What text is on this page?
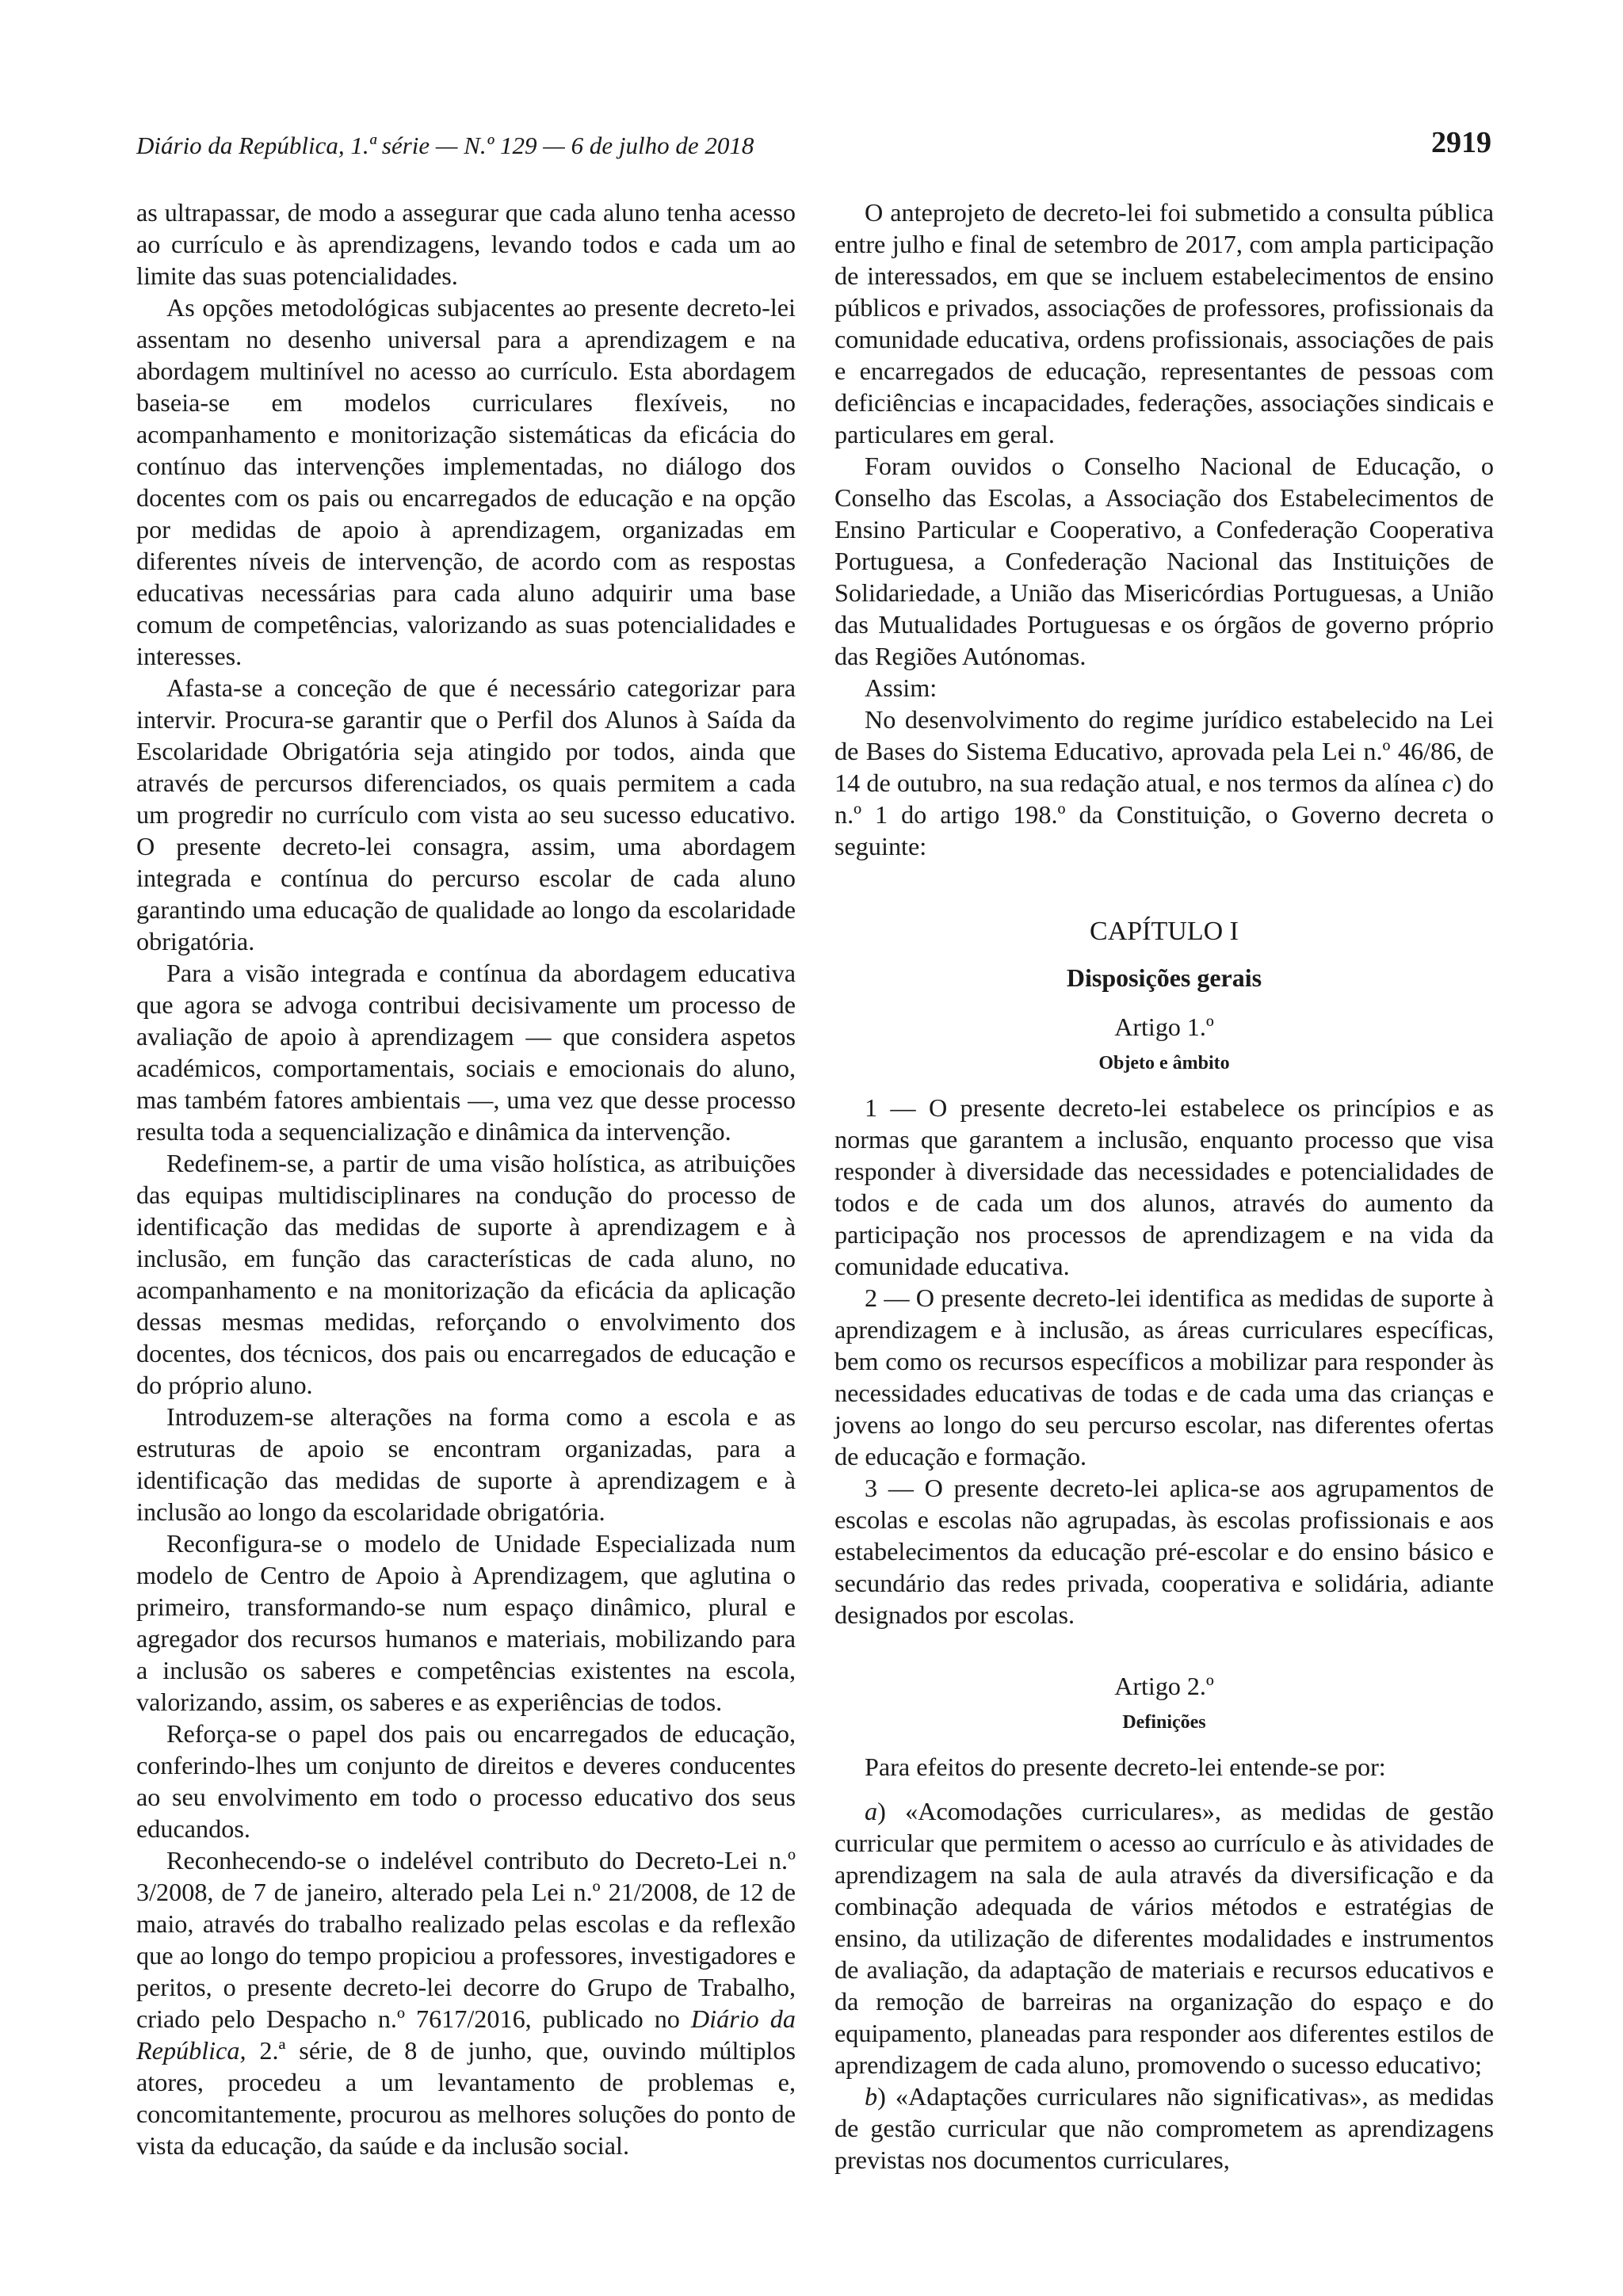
Diário da República, 1.ª série — N.º 129 — 6 de julho de 2018	2919

as ultrapassar, de modo a assegurar que cada aluno tenha acesso ao currículo e às aprendizagens, levando todos e cada um ao limite das suas potencialidades.

As opções metodológicas subjacentes ao presente decreto-lei assentam no desenho universal para a aprendizagem e na abordagem multinível no acesso ao currículo. Esta abordagem baseia-se em modelos curriculares flexíveis, no acompanhamento e monitorização sistemáticas da eficácia do contínuo das intervenções implementadas, no diálogo dos docentes com os pais ou encarregados de educação e na opção por medidas de apoio à aprendizagem, organizadas em diferentes níveis de intervenção, de acordo com as respostas educativas necessárias para cada aluno adquirir uma base comum de competências, valorizando as suas potencialidades e interesses.

Afasta-se a conceção de que é necessário categorizar para intervir. Procura-se garantir que o Perfil dos Alunos à Saída da Escolaridade Obrigatória seja atingido por todos, ainda que através de percursos diferenciados, os quais permitem a cada um progredir no currículo com vista ao seu sucesso educativo. O presente decreto-lei consagra, assim, uma abordagem integrada e contínua do percurso escolar de cada aluno garantindo uma educação de qualidade ao longo da escolaridade obrigatória.

Para a visão integrada e contínua da abordagem educativa que agora se advoga contribui decisivamente um processo de avaliação de apoio à aprendizagem — que considera aspetos académicos, comportamentais, sociais e emocionais do aluno, mas também fatores ambientais —, uma vez que desse processo resulta toda a sequencialização e dinâmica da intervenção.

Redefinem-se, a partir de uma visão holística, as atribuições das equipas multidisciplinares na condução do processo de identificação das medidas de suporte à aprendizagem e à inclusão, em função das características de cada aluno, no acompanhamento e na monitorização da eficácia da aplicação dessas mesmas medidas, reforçando o envolvimento dos docentes, dos técnicos, dos pais ou encarregados de educação e do próprio aluno.

Introduzem-se alterações na forma como a escola e as estruturas de apoio se encontram organizadas, para a identificação das medidas de suporte à aprendizagem e à inclusão ao longo da escolaridade obrigatória.

Reconfigura-se o modelo de Unidade Especializada num modelo de Centro de Apoio à Aprendizagem, que aglutina o primeiro, transformando-se num espaço dinâmico, plural e agregador dos recursos humanos e materiais, mobilizando para a inclusão os saberes e competências existentes na escola, valorizando, assim, os saberes e as experiências de todos.

Reforça-se o papel dos pais ou encarregados de educação, conferindo-lhes um conjunto de direitos e deveres conducentes ao seu envolvimento em todo o processo educativo dos seus educandos.

Reconhecendo-se o indelével contributo do Decreto-Lei n.º 3/2008, de 7 de janeiro, alterado pela Lei n.º 21/2008, de 12 de maio, através do trabalho realizado pelas escolas e da reflexão que ao longo do tempo propiciou a professores, investigadores e peritos, o presente decreto-lei decorre do Grupo de Trabalho, criado pelo Despacho n.º 7617/2016, publicado no Diário da República, 2.ª série, de 8 de junho, que, ouvindo múltiplos atores, procedeu a um levantamento de problemas e, concomitantemente, procurou as melhores soluções do ponto de vista da educação, da saúde e da inclusão social.

O anteprojeto de decreto-lei foi submetido a consulta pública entre julho e final de setembro de 2017, com ampla participação de interessados, em que se incluem estabelecimentos de ensino públicos e privados, associações de professores, profissionais da comunidade educativa, ordens profissionais, associações de pais e encarregados de educação, representantes de pessoas com deficiências e incapacidades, federações, associações sindicais e particulares em geral.

Foram ouvidos o Conselho Nacional de Educação, o Conselho das Escolas, a Associação dos Estabelecimentos de Ensino Particular e Cooperativo, a Confederação Cooperativa Portuguesa, a Confederação Nacional das Instituições de Solidariedade, a União das Misericórdias Portuguesas, a União das Mutualidades Portuguesas e os órgãos de governo próprio das Regiões Autónomas.

Assim:

No desenvolvimento do regime jurídico estabelecido na Lei de Bases do Sistema Educativo, aprovada pela Lei n.º 46/86, de 14 de outubro, na sua redação atual, e nos termos da alínea c) do n.º 1 do artigo 198.º da Constituição, o Governo decreta o seguinte:

CAPÍTULO I
Disposições gerais
Artigo 1.º
Objeto e âmbito

1 — O presente decreto-lei estabelece os princípios e as normas que garantem a inclusão, enquanto processo que visa responder à diversidade das necessidades e potencialidades de todos e de cada um dos alunos, através do aumento da participação nos processos de aprendizagem e na vida da comunidade educativa.

2 — O presente decreto-lei identifica as medidas de suporte à aprendizagem e à inclusão, as áreas curriculares específicas, bem como os recursos específicos a mobilizar para responder às necessidades educativas de todas e de cada uma das crianças e jovens ao longo do seu percurso escolar, nas diferentes ofertas de educação e formação.

3 — O presente decreto-lei aplica-se aos agrupamentos de escolas e escolas não agrupadas, às escolas profissionais e aos estabelecimentos da educação pré-escolar e do ensino básico e secundário das redes privada, cooperativa e solidária, adiante designados por escolas.

Artigo 2.º
Definições

Para efeitos do presente decreto-lei entende-se por:

a) «Acomodações curriculares», as medidas de gestão curricular que permitem o acesso ao currículo e às atividades de aprendizagem na sala de aula através da diversificação e da combinação adequada de vários métodos e estratégias de ensino, da utilização de diferentes modalidades e instrumentos de avaliação, da adaptação de materiais e recursos educativos e da remoção de barreiras na organização do espaço e do equipamento, planeadas para responder aos diferentes estilos de aprendizagem de cada aluno, promovendo o sucesso educativo;

b) «Adaptações curriculares não significativas», as medidas de gestão curricular que não comprometem as aprendizagens previstas nos documentos curriculares,
